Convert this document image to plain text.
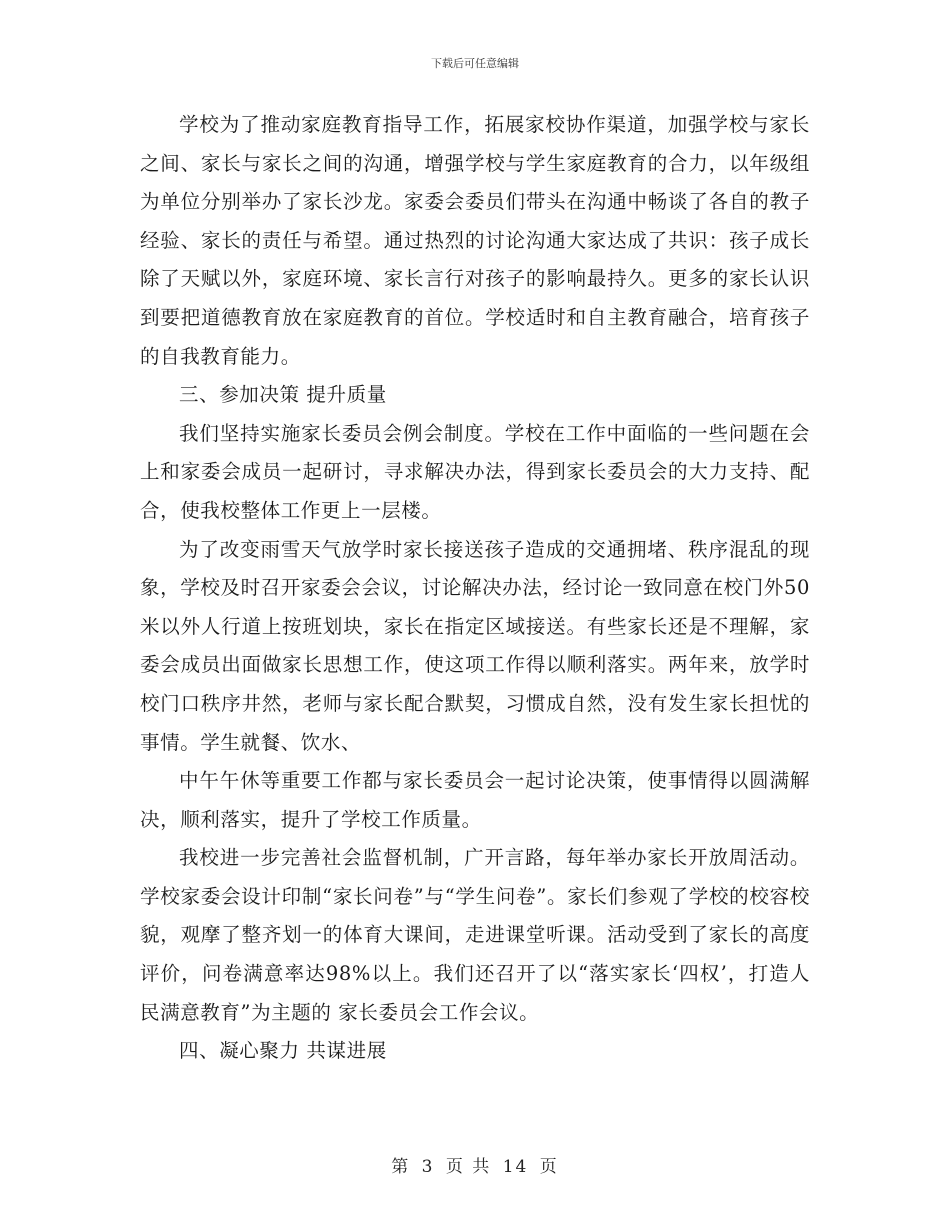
下载后可任意编辑

学校为了推动家庭教育指导工作，拓展家校协作渠道，加强学校与家长之间、家长与家长之间的沟通，增强学校与学生家庭教育的合力，以年级组为单位分别举办了家长沙龙。家委会委员们带头在沟通中畅谈了各自的教子经验、家长的责任与希望。通过热烈的讨论沟通大家达成了共识：孩子成长除了天赋以外，家庭环境、家长言行对孩子的影响最持久。更多的家长认识到要把道德教育放在家庭教育的首位。学校适时和自主教育融合，培育孩子的自我教育能力。

三、参加决策 提升质量

我们坚持实施家长委员会例会制度。学校在工作中面临的一些问题在会上和家委会成员一起研讨，寻求解决办法，得到家长委员会的大力支持、配合，使我校整体工作更上一层楼。

为了改变雨雪天气放学时家长接送孩子造成的交通拥堵、秩序混乱的现象，学校及时召开家委会会议，讨论解决办法，经讨论一致同意在校门外50米以外人行道上按班划块，家长在指定区域接送。有些家长还是不理解，家委会成员出面做家长思想工作，使这项工作得以顺利落实。两年来，放学时校门口秩序井然，老师与家长配合默契，习惯成自然，没有发生家长担忧的事情。学生就餐、饮水、

中午午休等重要工作都与家长委员会一起讨论决策，使事情得以圆满解决，顺利落实，提升了学校工作质量。

我校进一步完善社会监督机制，广开言路，每年举办家长开放周活动。学校家委会设计印制“家长问卷”与“学生问卷”。家长们参观了学校的校容校貌，观摩了整齐划一的体育大课间，走进课堂听课。活动受到了家长的高度评价，问卷满意率达98%以上。我们还召开了以“落实家长‘四权’，打造人民满意教育”为主题的 家长委员会工作会议。

四、凝心聚力 共谋进展

第 3 页 共 14 页
